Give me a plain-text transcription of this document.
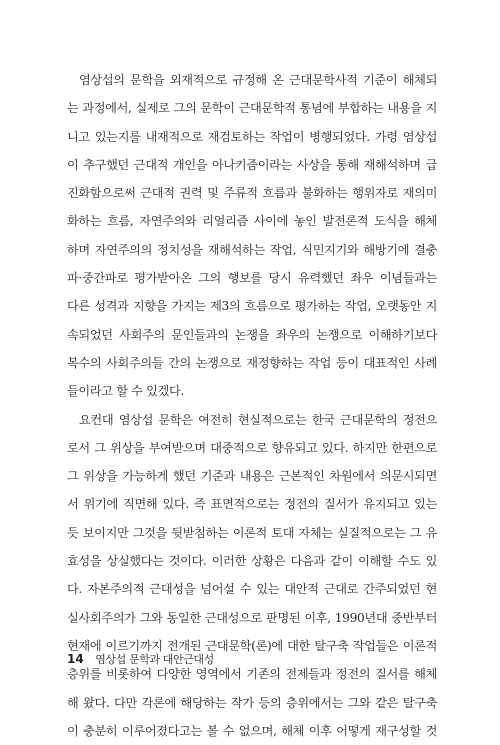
염상섭의 문학을 외재적으로 규정해 온 근대문학사적 기준이 해체되
는 과정에서, 실제로 그의 문학이 근대문학적 통념에 부합하는 내용을 지
니고 있는지를 내재적으로 재검토하는 작업이 병행되었다. 가령 염상섭
이 추구했던 근대적 개인을 아나키즘이라는 사상을 통해 재해석하며 급
진화함으로써 근대적 권력 및 주류적 흐름과 불화하는 행위자로 재의미
화하는 흐름, 자연주의와 리얼리즘 사이에 놓인 발전론적 도식을 해체
하며 자연주의의 정치성을 재해석하는 작업, 식민지기와 해방기에 결충
파·중간파로 평가받아온 그의 행보를 당시 유력했던 좌우 이념들과는
다른 성격과 지향을 가지는 제3의 흐름으로 평가하는 작업, 오랫동안 지
속되었던 사회주의 문인들과의 논쟁을 좌우의 논쟁으로 이해하기보다
복수의 사회주의들 간의 논쟁으로 재정향하는 작업 등이 대표적인 사례
들이라고 할 수 있겠다.
요컨대 염상섭 문학은 여전히 현실적으로는 한국 근대문학의 정전으
로서 그 위상을 부여받으며 대중적으로 향유되고 있다. 하지만 한편으로
그 위상을 가능하게 했던 기준과 내용은 근본적인 차원에서 의문시되면
서 위기에 직면해 있다. 즉 표면적으로는 정전의 질서가 유지되고 있는
듯 보이지만 그것을 뒷받침하는 이론적 토대 자체는 실질적으로는 그 유
효성을 상실했다는 것이다. 이러한 상황은 다음과 같이 이해할 수도 있
다. 자본주의적 근대성을 넘어설 수 있는 대안적 근대로 간주되었던 현
실사회주의가 그와 동일한 근대성으로 판명된 이후, 1990년대 중반부터
현재에 이르기까지 전개된 근대문학(론)에 대한 탈구축 작업들은 이론적
층위를 비롯하여 다양한 영역에서 기존의 전제들과 정전의 질서를 해체
해 왔다. 다만 각론에 해당하는 작가 등의 층위에서는 그와 같은 탈구축
이 충분히 이루어졌다고는 볼 수 없으며, 해체 이후 어떻게 재구성할 것
14 염상섭 문학과 대안근대성
